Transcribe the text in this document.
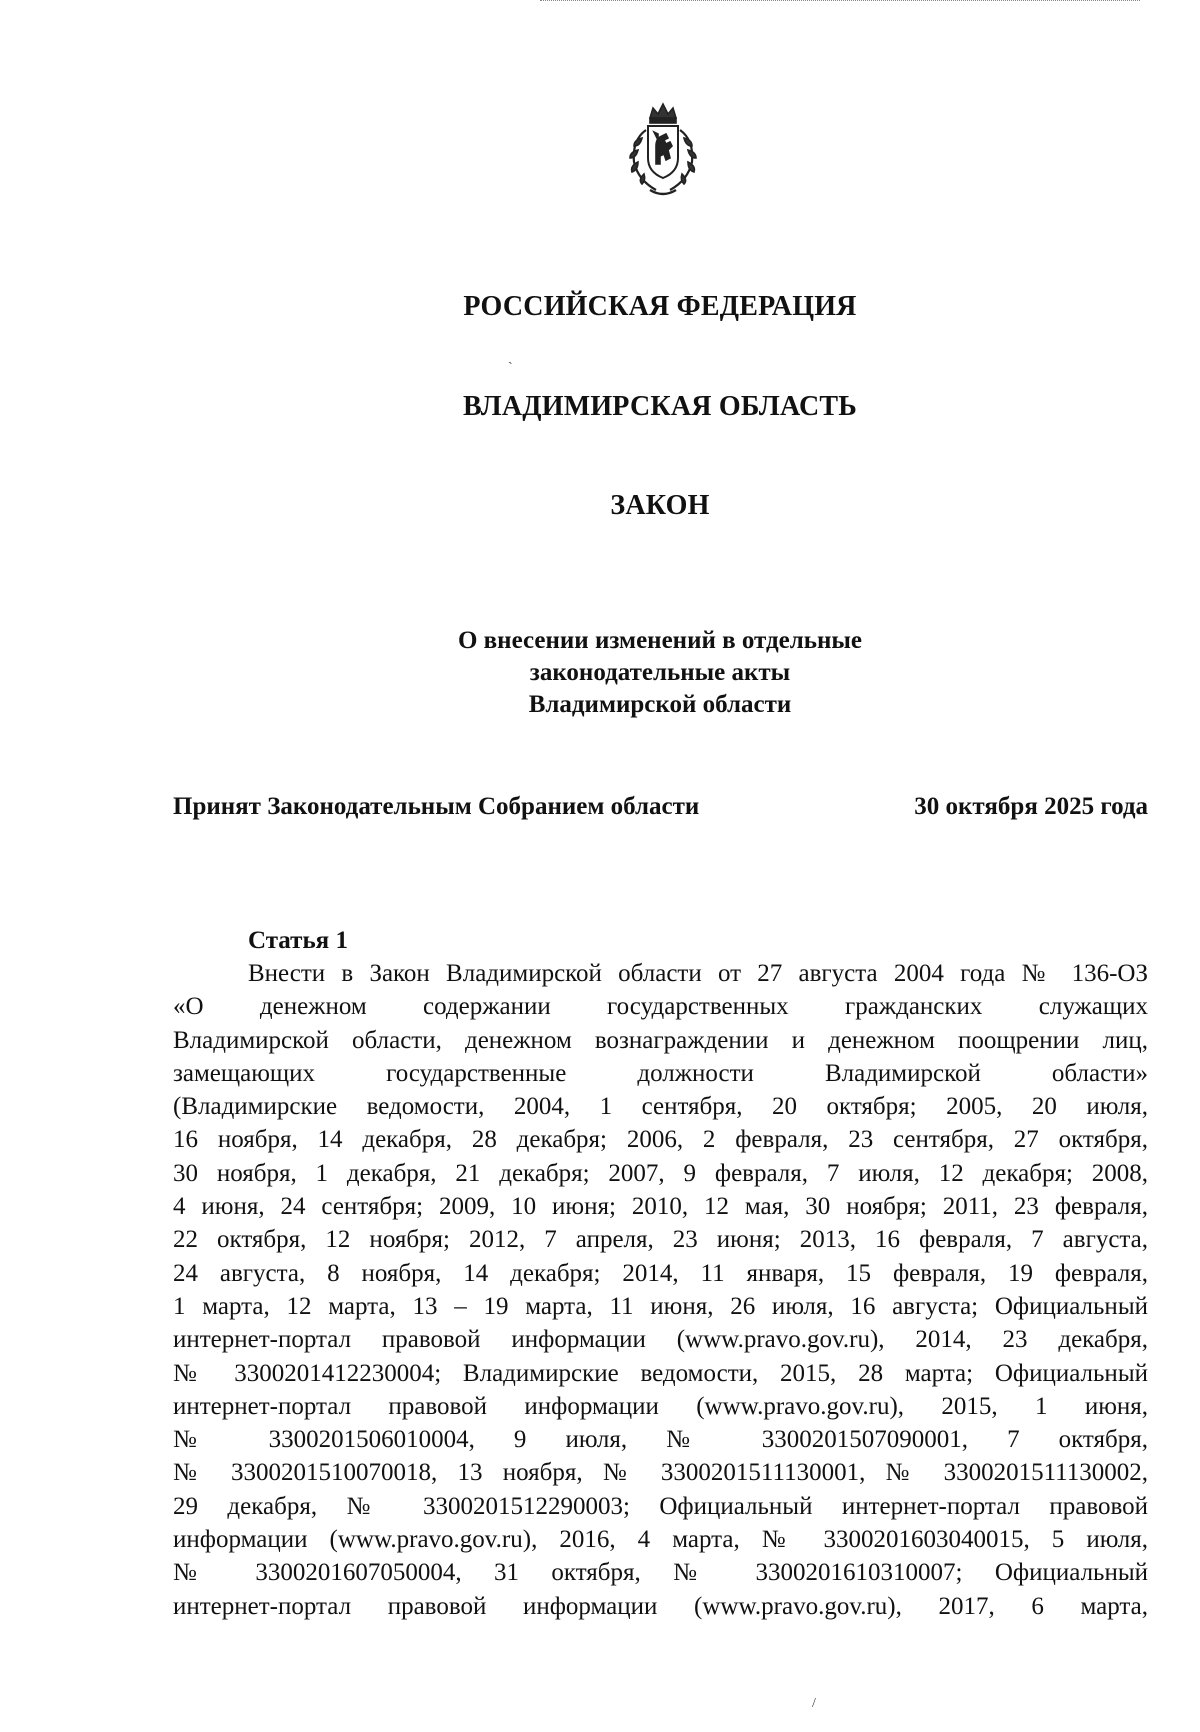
РОССИЙСКАЯ ФЕДЕРАЦИЯ
ˏ
ВЛАДИМИРСКАЯ ОБЛАСТЬ
ЗАКОН
О внесении изменений в отдельные
законодательные акты
Владимирской области
Принят Законодательным Собранием области	30 октября 2025 года
Статья 1
Внести в Закон Владимирской области от 27 августа 2004 года № 136-ОЗ
«О денежном содержании государственных гражданских служащих
Владимирской области, денежном вознаграждении и денежном поощрении лиц,
замещающих государственные должности Владимирской области»
(Владимирские ведомости, 2004, 1 сентября, 20 октября; 2005, 20 июля,
16 ноября, 14 декабря, 28 декабря; 2006, 2 февраля, 23 сентября, 27 октября,
30 ноября, 1 декабря, 21 декабря; 2007, 9 февраля, 7 июля, 12 декабря; 2008,
4 июня, 24 сентября; 2009, 10 июня; 2010, 12 мая, 30 ноября; 2011, 23 февраля,
22 октября, 12 ноября; 2012, 7 апреля, 23 июня; 2013, 16 февраля, 7 августа,
24 августа, 8 ноября, 14 декабря; 2014, 11 января, 15 февраля, 19 февраля,
1 марта, 12 марта, 13 – 19 марта, 11 июня, 26 июля, 16 августа; Официальный
интернет-портал правовой информации (www.pravo.gov.ru), 2014, 23 декабря,
№ 3300201412230004; Владимирские ведомости, 2015, 28 марта; Официальный
интернет-портал правовой информации (www.pravo.gov.ru), 2015, 1 июня,
№ 3300201506010004, 9 июля, № 3300201507090001, 7 октября,
№ 3300201510070018, 13 ноября, № 3300201511130001, № 3300201511130002,
29 декабря, № 3300201512290003; Официальный интернет-портал правовой
информации (www.pravo.gov.ru), 2016, 4 марта, № 3300201603040015, 5 июля,
№ 3300201607050004, 31 октября, № 3300201610310007; Официальный
интернет-портал правовой информации (www.pravo.gov.ru), 2017, 6 марта,
/
